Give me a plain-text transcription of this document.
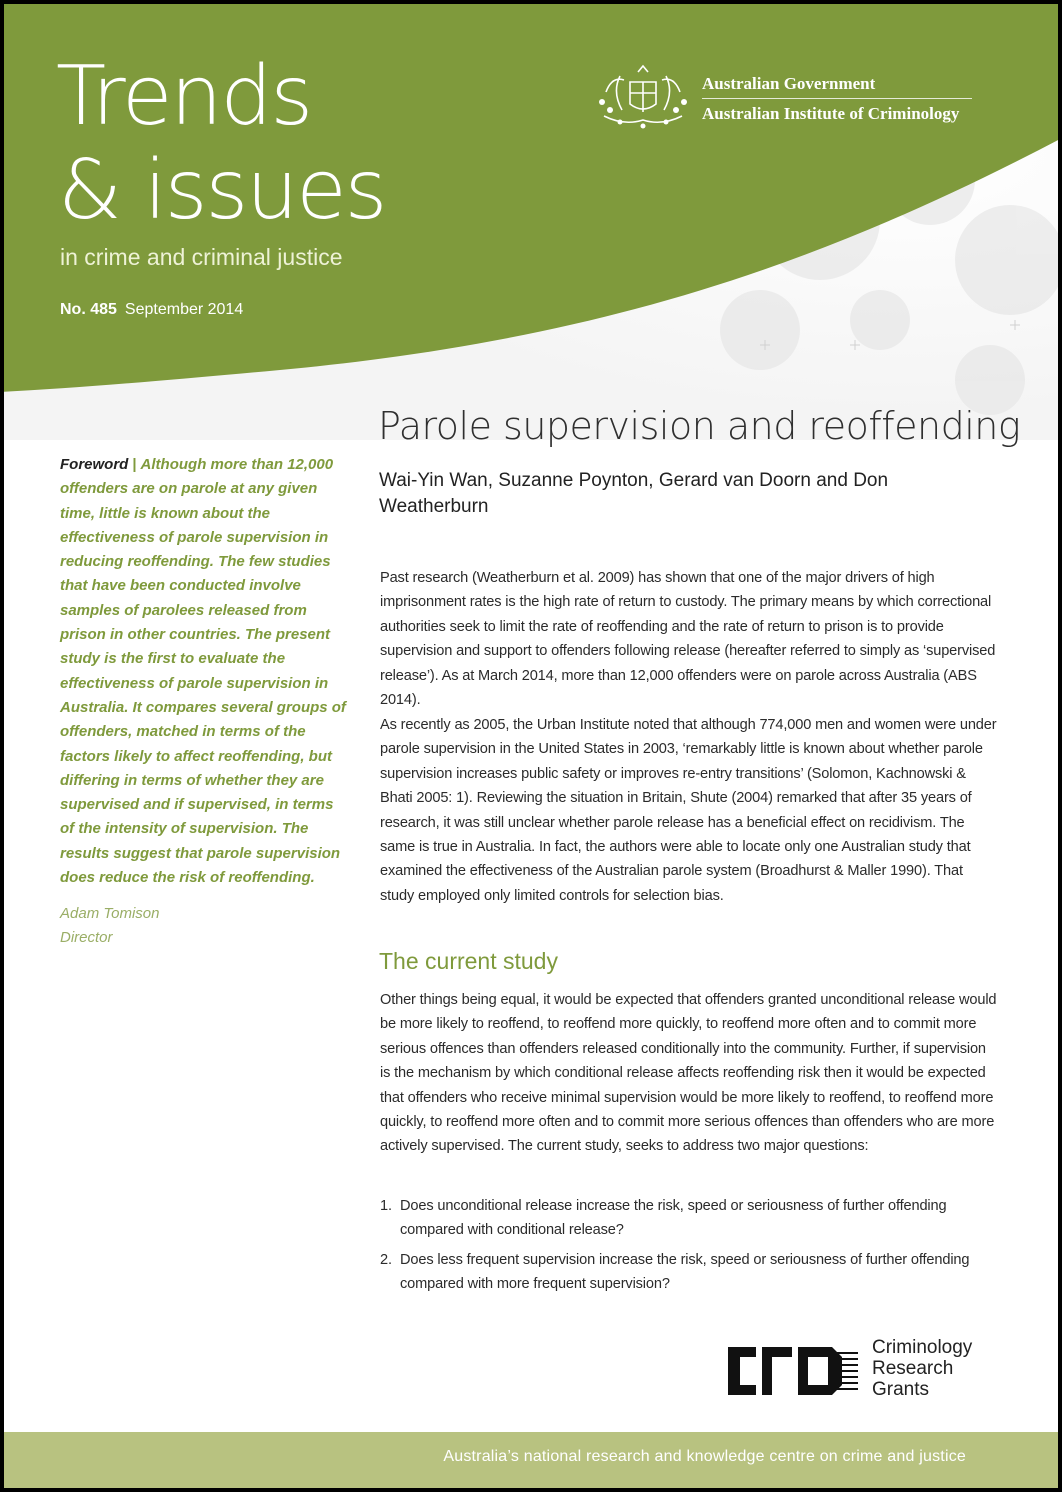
Trends
& issues
in crime and criminal justice
No. 485 September 2014
Australian Government
Australian Institute of Criminology
Parole supervision and reoffending
Wai-Yin Wan, Suzanne Poynton, Gerard van Doorn and Don Weatherburn
Foreword | Although more than 12,000 offenders are on parole at any given time, little is known about the effectiveness of parole supervision in reducing reoffending. The few studies that have been conducted involve samples of parolees released from prison in other countries. The present study is the first to evaluate the effectiveness of parole supervision in Australia. It compares several groups of offenders, matched in terms of the factors likely to affect reoffending, but differing in terms of whether they are supervised and if supervised, in terms of the intensity of supervision. The results suggest that parole supervision does reduce the risk of reoffending.
Adam Tomison
Director
Past research (Weatherburn et al. 2009) has shown that one of the major drivers of high imprisonment rates is the high rate of return to custody. The primary means by which correctional authorities seek to limit the rate of reoffending and the rate of return to prison is to provide supervision and support to offenders following release (hereafter referred to simply as ‘supervised release’). As at March 2014, more than 12,000 offenders were on parole across Australia (ABS 2014).
As recently as 2005, the Urban Institute noted that although 774,000 men and women were under parole supervision in the United States in 2003, ‘remarkably little is known about whether parole supervision increases public safety or improves re-entry transitions’ (Solomon, Kachnowski & Bhati 2005: 1). Reviewing the situation in Britain, Shute (2004) remarked that after 35 years of research, it was still unclear whether parole release has a beneficial effect on recidivism. The same is true in Australia. In fact, the authors were able to locate only one Australian study that examined the effectiveness of the Australian parole system (Broadhurst & Maller 1990). That study employed only limited controls for selection bias.
The current study
Other things being equal, it would be expected that offenders granted unconditional release would be more likely to reoffend, to reoffend more quickly, to reoffend more often and to commit more serious offences than offenders released conditionally into the community. Further, if supervision is the mechanism by which conditional release affects reoffending risk then it would be expected that offenders who receive minimal supervision would be more likely to reoffend, to reoffend more quickly, to reoffend more often and to commit more serious offences than offenders who are more actively supervised. The current study, seeks to address two major questions:
1. Does unconditional release increase the risk, speed or seriousness of further offending compared with conditional release?
2. Does less frequent supervision increase the risk, speed or seriousness of further offending compared with more frequent supervision?
Criminology
Research
Grants
Australia’s national research and knowledge centre on crime and justice
